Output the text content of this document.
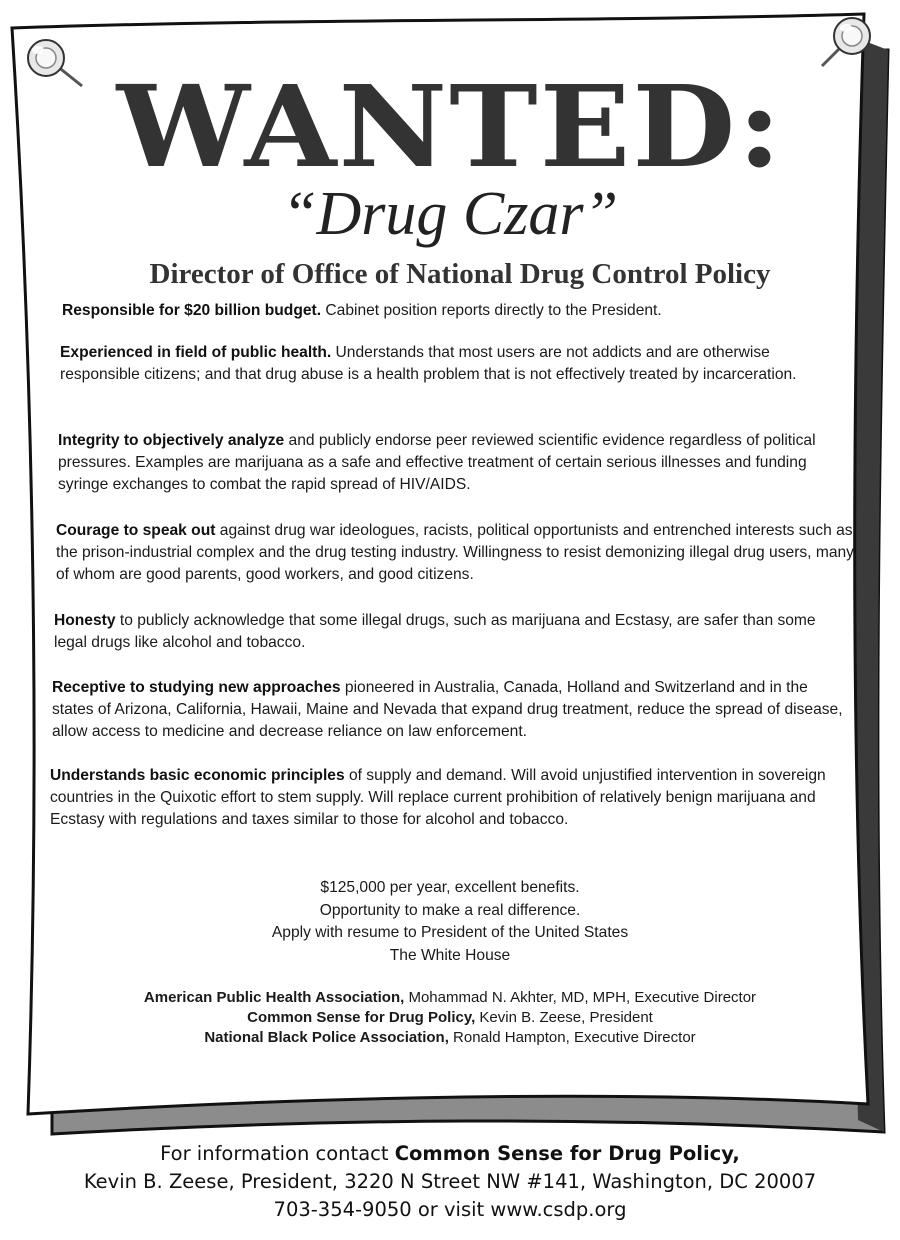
WANTED:
“Drug Czar”
Director of Office of National Drug Control Policy
Responsible for $20 billion budget. Cabinet position reports directly to the President.
Experienced in field of public health. Understands that most users are not addicts and are otherwise responsible citizens; and that drug abuse is a health problem that is not effectively treated by incarceration.
Integrity to objectively analyze and publicly endorse peer reviewed scientific evidence regardless of political pressures. Examples are marijuana as a safe and effective treatment of certain serious illnesses and funding syringe exchanges to combat the rapid spread of HIV/AIDS.
Courage to speak out against drug war ideologues, racists, political opportunists and entrenched interests such as the prison-industrial complex and the drug testing industry. Willingness to resist demonizing illegal drug users, many of whom are good parents, good workers, and good citizens.
Honesty to publicly acknowledge that some illegal drugs, such as marijuana and Ecstasy, are safer than some legal drugs like alcohol and tobacco.
Receptive to studying new approaches pioneered in Australia, Canada, Holland and Switzerland and in the states of Arizona, California, Hawaii, Maine and Nevada that expand drug treatment, reduce the spread of disease, allow access to medicine and decrease reliance on law enforcement.
Understands basic economic principles of supply and demand. Will avoid unjustified intervention in sovereign countries in the Quixotic effort to stem supply. Will replace current prohibition of relatively benign marijuana and Ecstasy with regulations and taxes similar to those for alcohol and tobacco.
$125,000 per year, excellent benefits.
Opportunity to make a real difference.
Apply with resume to President of the United States
The White House
American Public Health Association, Mohammad N. Akhter, MD, MPH, Executive Director
Common Sense for Drug Policy, Kevin B. Zeese, President
National Black Police Association, Ronald Hampton, Executive Director
For information contact Common Sense for Drug Policy,
Kevin B. Zeese, President, 3220 N Street NW #141, Washington, DC 20007
703-354-9050 or visit www.csdp.org
